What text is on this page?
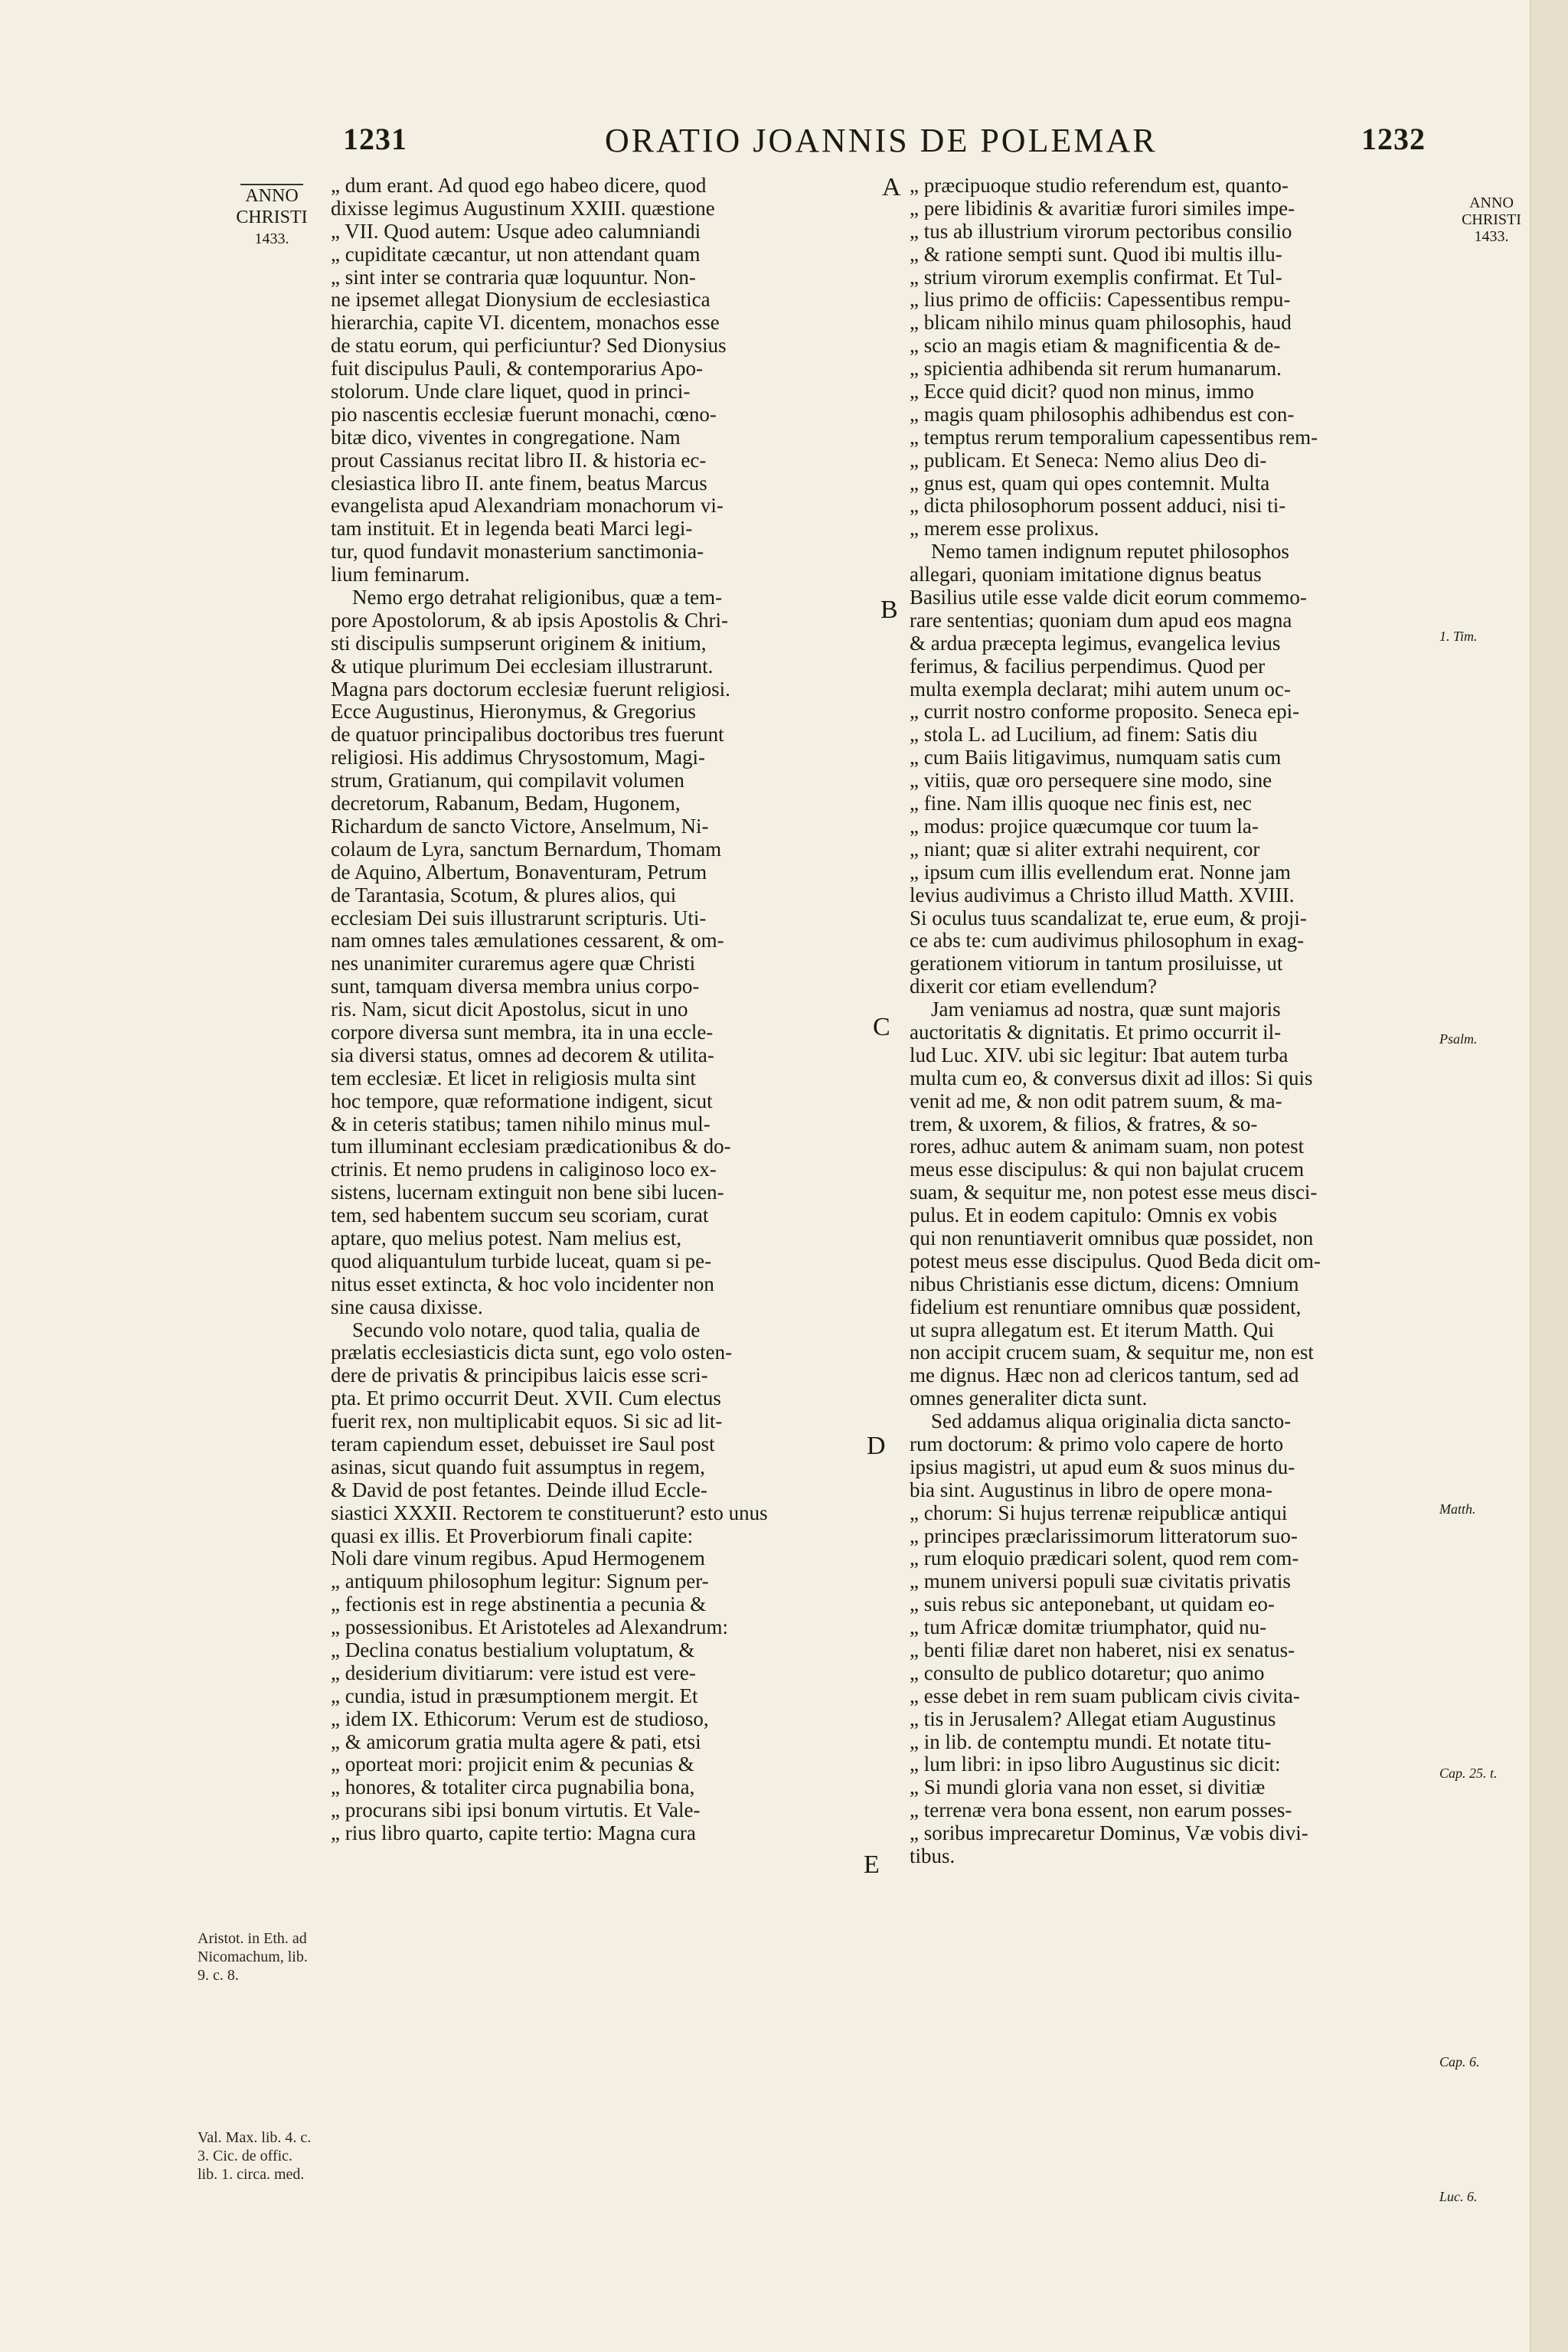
1231	ORATIO JOANNIS DE POLEMAR	1232
ANNO
CHRISTI
1433.
ANNO
CHRISTI
1433.
A
B
C
D
E
„ dum erant. Ad quod ego habeo dicere, quod
dixisse legimus Augustinum XXIII. quæstione
„ VII. Quod autem: Usque adeo calumniandi
„ cupiditate cæcantur, ut non attendant quam
„ sint inter se contraria quæ loquuntur. Non-
ne ipsemet allegat Dionysium de ecclesiastica
hierarchia, capite VI. dicentem, monachos esse
de statu eorum, qui perficiuntur? Sed Dionysius
fuit discipulus Pauli, & contemporarius Apo-
stolorum. Unde clare liquet, quod in princi-
pio nascentis ecclesiæ fuerunt monachi, cœno-
bitæ dico, viventes in congregatione. Nam
prout Cassianus recitat libro II. & historia ec-
clesiastica libro II. ante finem, beatus Marcus
evangelista apud Alexandriam monachorum vi-
tam instituit. Et in legenda beati Marci legi-
tur, quod fundavit monasterium sanctimonia-
lium feminarum.
Nemo ergo detrahat religionibus, quæ a tem-
pore Apostolorum, & ab ipsis Apostolis & Chri-
sti discipulis sumpserunt originem & initium,
& utique plurimum Dei ecclesiam illustrarunt.
Magna pars doctorum ecclesiæ fuerunt religiosi.
Ecce Augustinus, Hieronymus, & Gregorius
de quatuor principalibus doctoribus tres fuerunt
religiosi. His addimus Chrysostomum, Magi-
strum, Gratianum, qui compilavit volumen
decretorum, Rabanum, Bedam, Hugonem,
Richardum de sancto Victore, Anselmum, Ni-
colaum de Lyra, sanctum Bernardum, Thomam
de Aquino, Albertum, Bonaventuram, Petrum
de Tarantasia, Scotum, & plures alios, qui
ecclesiam Dei suis illustrarunt scripturis. Uti-
nam omnes tales æmulationes cessarent, & om-
nes unanimiter curaremus agere quæ Christi
sunt, tamquam diversa membra unius corpo-
ris. Nam, sicut dicit Apostolus, sicut in uno
corpore diversa sunt membra, ita in una eccle-
sia diversi status, omnes ad decorem & utilita-
tem ecclesiæ. Et licet in religiosis multa sint
hoc tempore, quæ reformatione indigent, sicut
& in ceteris statibus; tamen nihilo minus mul-
tum illuminant ecclesiam prædicationibus & do-
ctrinis. Et nemo prudens in caliginoso loco ex-
sistens, lucernam extinguit non bene sibi lucen-
tem, sed habentem succum seu scoriam, curat
aptare, quo melius potest. Nam melius est,
quod aliquantulum turbide luceat, quam si pe-
nitus esset extincta, & hoc volo incidenter non
sine causa dixisse.
Secundo volo notare, quod talia, qualia de
prælatis ecclesiasticis dicta sunt, ego volo osten-
dere de privatis & principibus laicis esse scri-
pta. Et primo occurrit Deut. XVII. Cum electus
fuerit rex, non multiplicabit equos. Si sic ad lit-
teram capiendum esset, debuisset ire Saul post
asinas, sicut quando fuit assumptus in regem,
& David de post fetantes. Deinde illud Eccle-
siastici XXXII. Rectorem te constituerunt? esto unus
quasi ex illis. Et Proverbiorum finali capite:
Noli dare vinum regibus. Apud Hermogenem
„ antiquum philosophum legitur: Signum per-
„ fectionis est in rege abstinentia a pecunia &
„ possessionibus. Et Aristoteles ad Alexandrum:
„ Declina conatus bestialium voluptatum, &
„ desiderium divitiarum: vere istud est vere-
„ cundia, istud in præsumptionem mergit. Et
„ idem IX. Ethicorum: Verum est de studioso,
„ & amicorum gratia multa agere & pati, etsi
„ oporteat mori: projicit enim & pecunias &
„ honores, & totaliter circa pugnabilia bona,
„ procurans sibi ipsi bonum virtutis. Et Vale-
„ rius libro quarto, capite tertio: Magna cura
„ præcipuoque studio referendum est, quanto-
„ pere libidinis & avaritiæ furori similes impe-
„ tus ab illustrium virorum pectoribus consilio
„ & ratione sempti sunt. Quod ibi multis illu-
„ strium virorum exemplis confirmat. Et Tul-
„ lius primo de officiis: Capessentibus rempu-
„ blicam nihilo minus quam philosophis, haud
„ scio an magis etiam & magnificentia & de-
„ spicientia adhibenda sit rerum humanarum.
„ Ecce quid dicit? quod non minus, immo
„ magis quam philosophis adhibendus est con-
„ temptus rerum temporalium capessentibus rem-
„ publicam. Et Seneca: Nemo alius Deo di-
„ gnus est, quam qui opes contemnit. Multa
„ dicta philosophorum possent adduci, nisi ti-
„ merem esse prolixus.
Nemo tamen indignum reputet philosophos
allegari, quoniam imitatione dignus beatus
Basilius utile esse valde dicit eorum commemo-
rare sententias; quoniam dum apud eos magna
& ardua præcepta legimus, evangelica levius
ferimus, & facilius perpendimus. Quod per
multa exempla declarat; mihi autem unum oc-
„ currit nostro conforme proposito. Seneca epi-
„ stola L. ad Lucilium, ad finem: Satis diu
„ cum Baiis litigavimus, numquam satis cum
„ vitiis, quæ oro persequere sine modo, sine
„ fine. Nam illis quoque nec finis est, nec
„ modus: projice quæcumque cor tuum la-
„ niant; quæ si aliter extrahi nequirent, cor
„ ipsum cum illis evellendum erat. Nonne jam
levius audivimus a Christo illud Matth. XVIII.
Si oculus tuus scandalizat te, erue eum, & proji-
ce abs te: cum audivimus philosophum in exag-
gerationem vitiorum in tantum prosiluisse, ut
dixerit cor etiam evellendum?
Jam veniamus ad nostra, quæ sunt majoris
auctoritatis & dignitatis. Et primo occurrit il-
lud Luc. XIV. ubi sic legitur: Ibat autem turba
multa cum eo, & conversus dixit ad illos: Si quis
venit ad me, & non odit patrem suum, & ma-
trem, & uxorem, & filios, & fratres, & so-
rores, adhuc autem & animam suam, non potest
meus esse discipulus: & qui non bajulat crucem
suam, & sequitur me, non potest esse meus disci-
pulus. Et in eodem capitulo: Omnis ex vobis
qui non renuntiaverit omnibus quæ possidet, non
potest meus esse discipulus. Quod Beda dicit om-
nibus Christianis esse dictum, dicens: Omnium
fidelium est renuntiare omnibus quæ possident,
ut supra allegatum est. Et iterum Matth. Qui
non accipit crucem suam, & sequitur me, non est
me dignus. Hæc non ad clericos tantum, sed ad
omnes generaliter dicta sunt.
Sed addamus aliqua originalia dicta sancto-
rum doctorum: & primo volo capere de horto
ipsius magistri, ut apud eum & suos minus du-
bia sint. Augustinus in libro de opere mona-
„ chorum: Si hujus terrenæ reipublicæ antiqui
„ principes præclarissimorum litteratorum suo-
„ rum eloquio prædicari solent, quod rem com-
„ munem universi populi suæ civitatis privatis
„ suis rebus sic anteponebant, ut quidam eo-
„ tum Africæ domitæ triumphator, quid nu-
„ benti filiæ daret non haberet, nisi ex senatus-
„ consulto de publico dotaretur; quo animo
„ esse debet in rem suam publicam civis civita-
„ tis in Jerusalem? Allegat etiam Augustinus
„ in lib. de contemptu mundi. Et notate titu-
„ lum libri: in ipso libro Augustinus sic dicit:
„ Si mundi gloria vana non esset, si divitiæ
„ terrenæ vera bona essent, non earum posses-
„ soribus imprecaretur Dominus, Væ vobis divi-
tibus.
Aristot. in Eth. ad Nicomachum, lib. 9. c. 8.
Val. Max. lib. 4. c. 3. Cic. de offic. lib. 1. circa. med.
1. Tim.
Psalm.
Matth.
Cap. 25. t.
Cap. 6.
Luc. 6.
